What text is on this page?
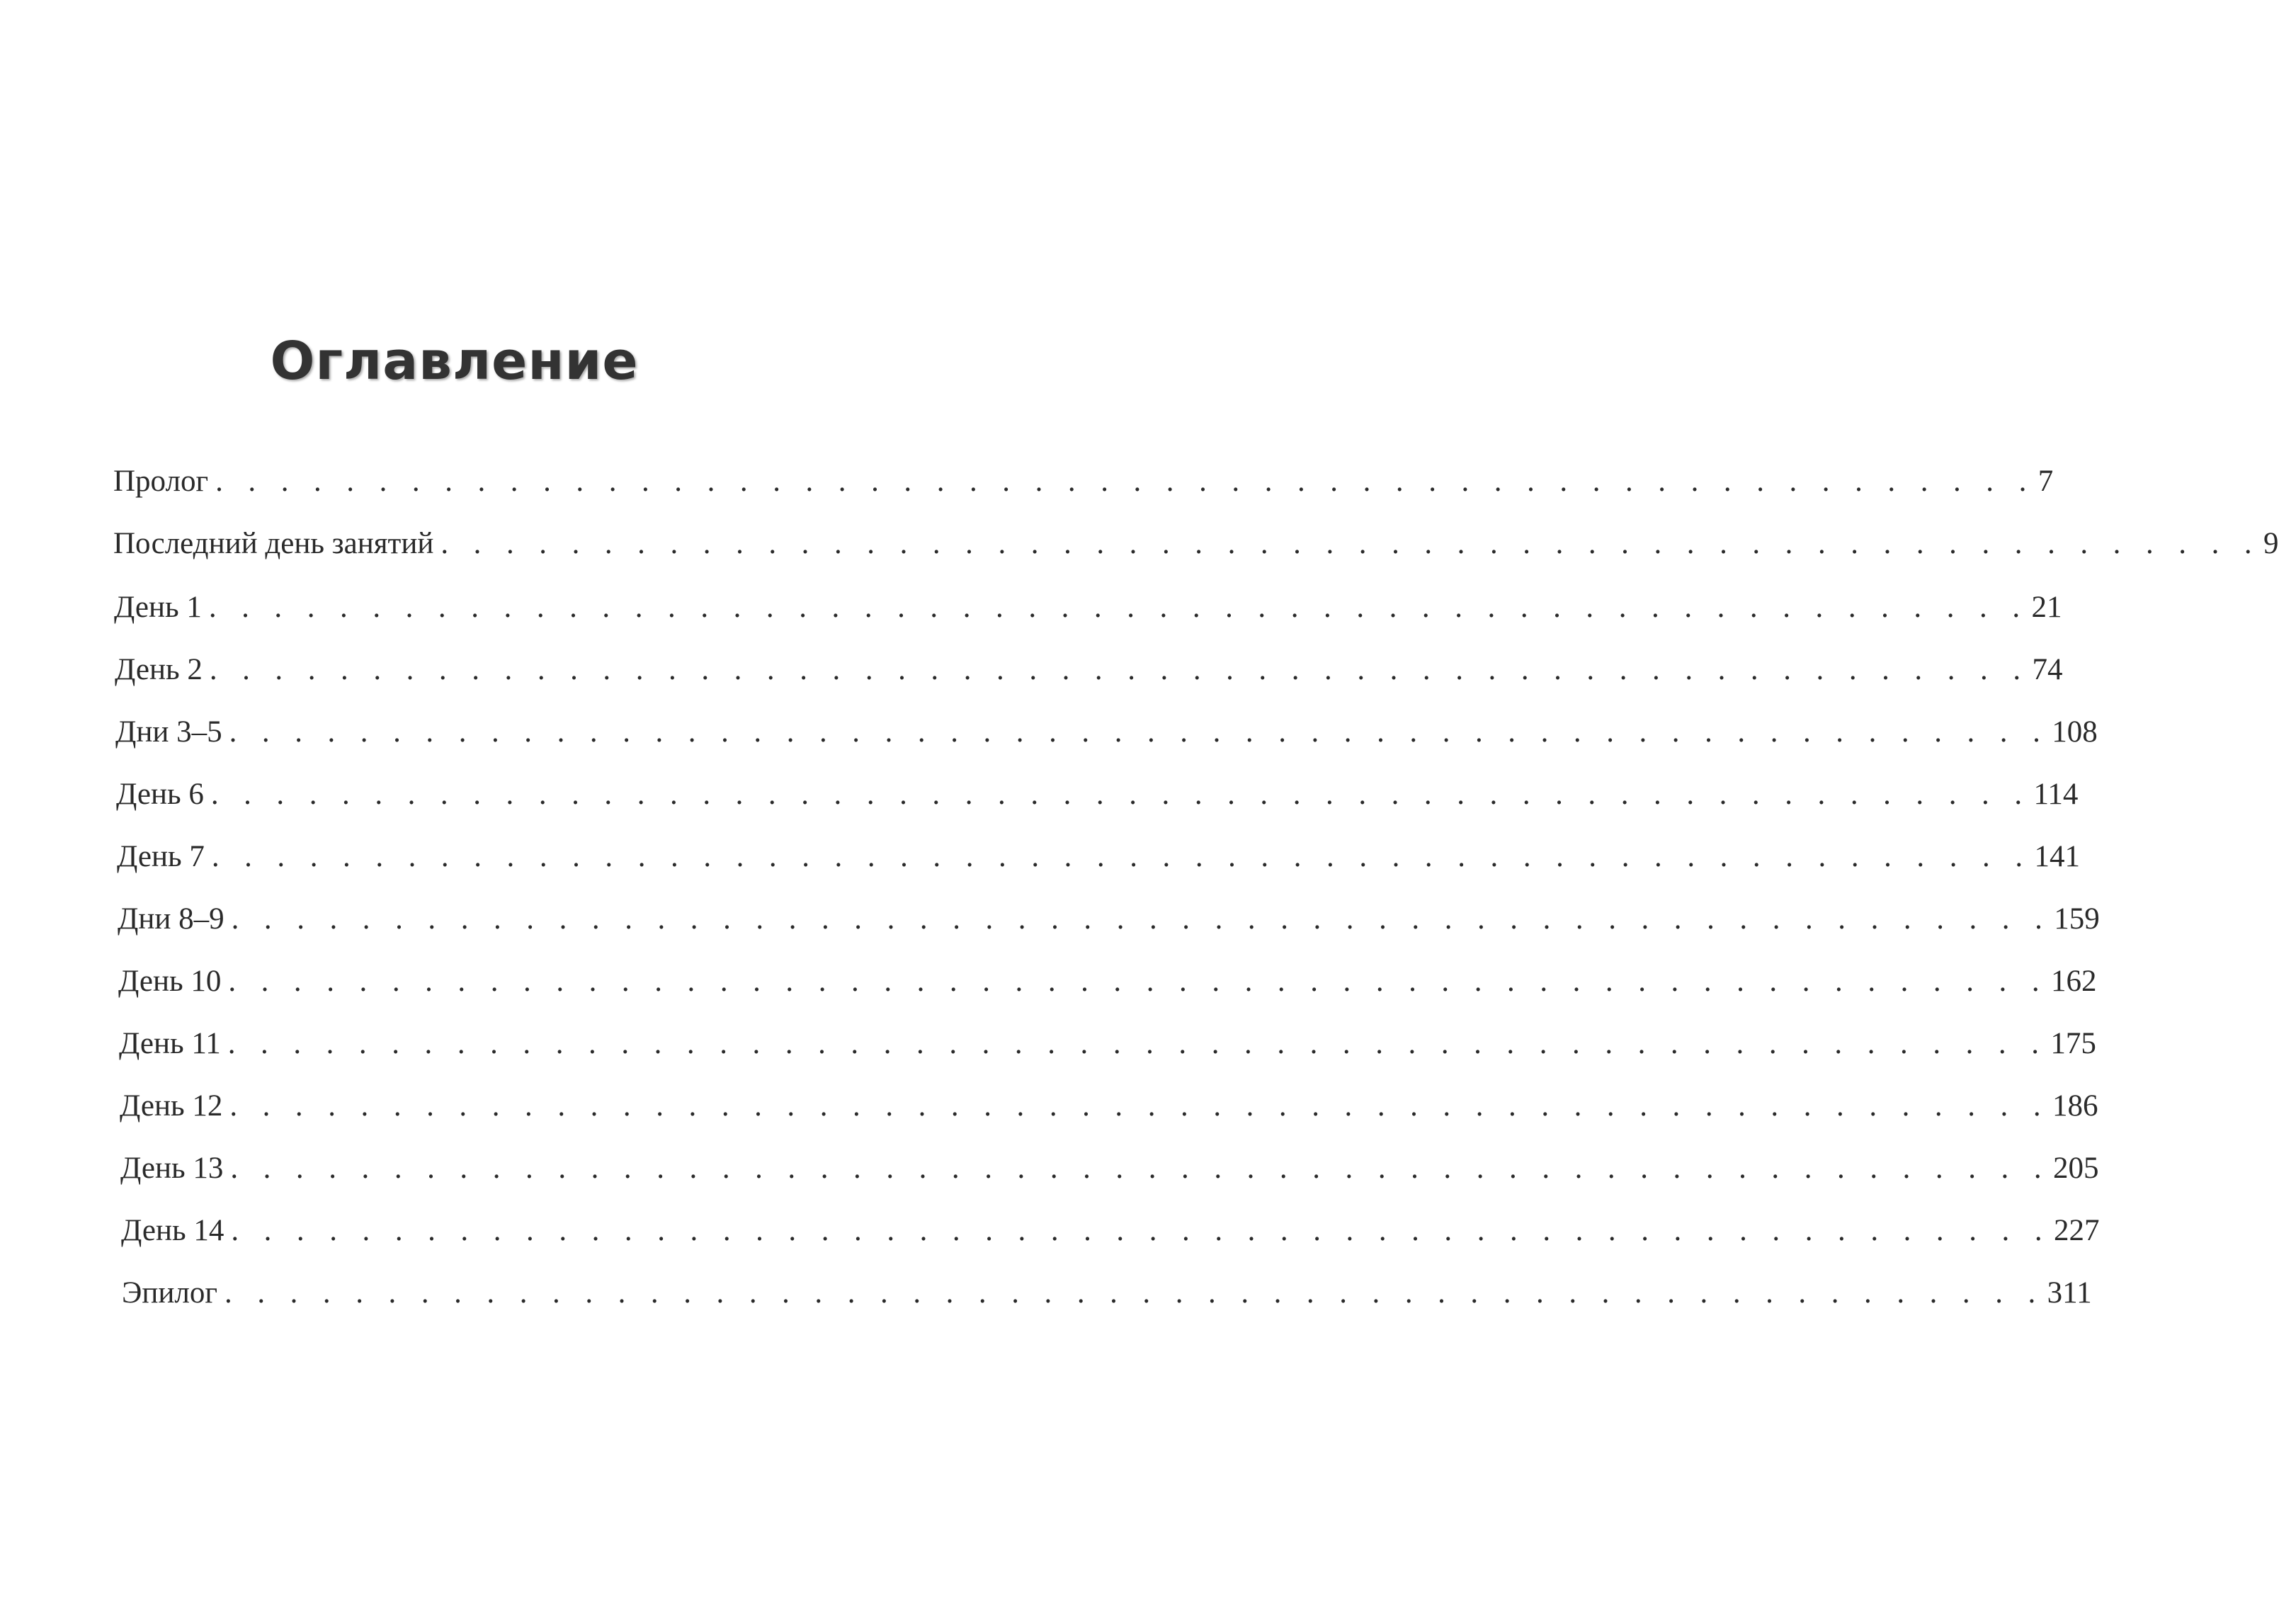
Оглавление
Пролог . . . . . . . . . . . . . . . . . . . . . . . . . . . . . . . . . . . . . . . . . . . . . . . . . . . . . . . . 7
Последний день занятий . . . . . . . . . . . . . . . . . . . . . . . . . . . . . . . . . . . . . . . . . . . . . . . . . . . . . . . . 9
День 1 . . . . . . . . . . . . . . . . . . . . . . . . . . . . . . . . . . . . . . . . . . . . . . . . . . . . . . . . 21
День 2 . . . . . . . . . . . . . . . . . . . . . . . . . . . . . . . . . . . . . . . . . . . . . . . . . . . . . . . . 74
Дни 3–5 . . . . . . . . . . . . . . . . . . . . . . . . . . . . . . . . . . . . . . . . . . . . . . . . . . . . . . . . 108
День 6 . . . . . . . . . . . . . . . . . . . . . . . . . . . . . . . . . . . . . . . . . . . . . . . . . . . . . . . . 114
День 7 . . . . . . . . . . . . . . . . . . . . . . . . . . . . . . . . . . . . . . . . . . . . . . . . . . . . . . . . 141
Дни 8–9 . . . . . . . . . . . . . . . . . . . . . . . . . . . . . . . . . . . . . . . . . . . . . . . . . . . . . . . . 159
День 10 . . . . . . . . . . . . . . . . . . . . . . . . . . . . . . . . . . . . . . . . . . . . . . . . . . . . . . . . 162
День 11 . . . . . . . . . . . . . . . . . . . . . . . . . . . . . . . . . . . . . . . . . . . . . . . . . . . . . . . . 175
День 12 . . . . . . . . . . . . . . . . . . . . . . . . . . . . . . . . . . . . . . . . . . . . . . . . . . . . . . . . 186
День 13 . . . . . . . . . . . . . . . . . . . . . . . . . . . . . . . . . . . . . . . . . . . . . . . . . . . . . . . . 205
День 14 . . . . . . . . . . . . . . . . . . . . . . . . . . . . . . . . . . . . . . . . . . . . . . . . . . . . . . . . 227
Эпилог . . . . . . . . . . . . . . . . . . . . . . . . . . . . . . . . . . . . . . . . . . . . . . . . . . . . . . . . 311
